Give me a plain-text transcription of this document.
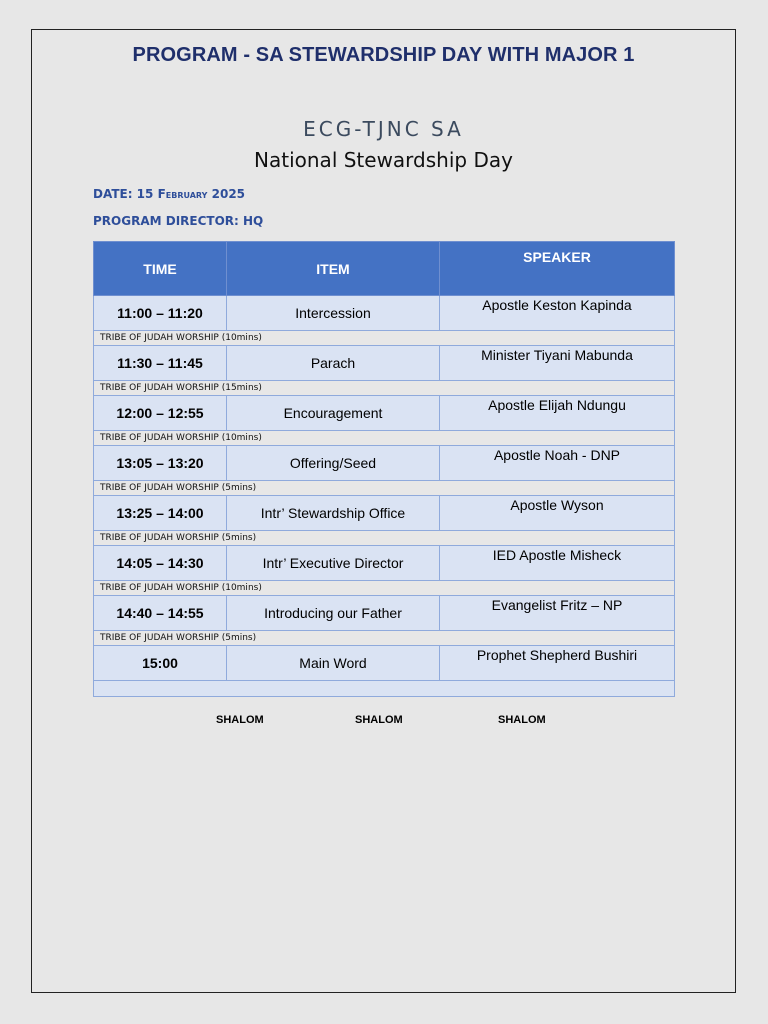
PROGRAM - SA STEWARDSHIP DAY WITH MAJOR 1
ECG-TJNC SA
National Stewardship Day
DATE: 15 February 2025
PROGRAM DIRECTOR: HQ
TIME	ITEM	SPEAKER
11:00 – 11:20	Intercession	Apostle Keston Kapinda
TRIBE OF JUDAH WORSHIP (10mins)		
11:30 – 11:45	Parach	Minister Tiyani Mabunda
TRIBE OF JUDAH WORSHIP (15mins)		
12:00 – 12:55	Encouragement	Apostle Elijah Ndungu
TRIBE OF JUDAH WORSHIP (10mins)		
13:05 – 13:20	Offering/Seed	Apostle Noah - DNP
TRIBE OF JUDAH WORSHIP (5mins)		
13:25 – 14:00	Intr’ Stewardship Office	Apostle Wyson
TRIBE OF JUDAH WORSHIP (5mins)		
14:05 – 14:30	Intr’ Executive Director	IED Apostle Misheck
TRIBE OF JUDAH WORSHIP (10mins)		
14:40 – 14:55	Introducing our Father	Evangelist Fritz – NP
TRIBE OF JUDAH WORSHIP (5mins)		
15:00	Main Word	Prophet Shepherd Bushiri

SHALOM	SHALOM	SHALOM
